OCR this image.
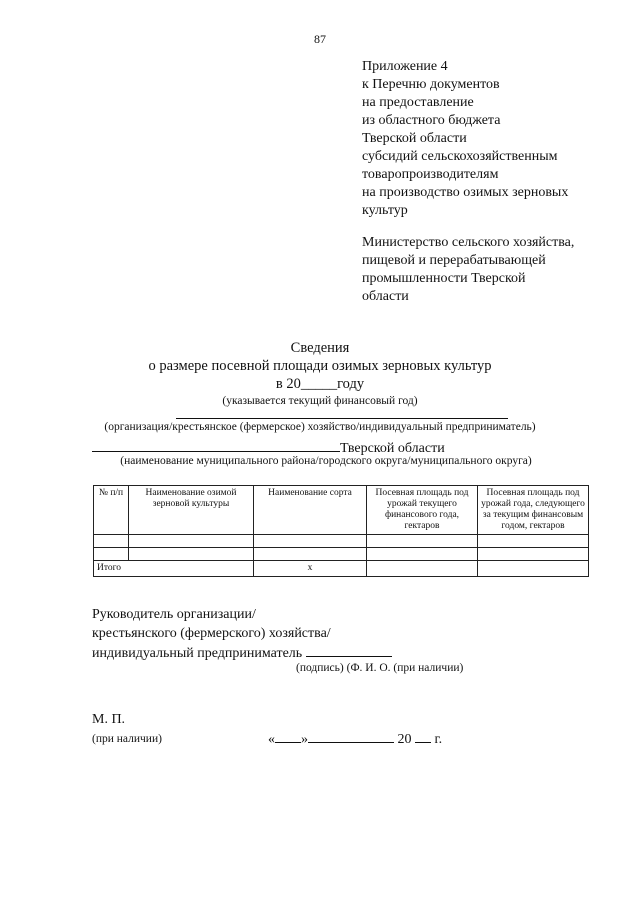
87
Приложение 4
к Перечню документов
на предоставление
из областного бюджета
Тверской области
субсидий сельскохозяйственным
товаропроизводителям
на производство озимых зерновых
культур
Министерство сельского хозяйства,
пищевой и перерабатывающей
промышленности Тверской
области
Сведения
о размере посевной площади озимых зерновых культур
в 20_____году
(указывается текущий финансовый год)
(организация/крестьянское (фермерское) хозяйство/индивидуальный предприниматель)
Тверской области
(наименование муниципального района/городского округа/муниципального округа)
№ п/п	Наименование озимой зерновой культуры	Наименование сорта	Посевная площадь под урожай текущего финансового года, гектаров	Посевная площадь под урожай года, следующего за текущим финансовым годом, гектаров

Итого		х		
Руководитель организации/
крестьянского (фермерского) хозяйства/
индивидуальный предприниматель
(подпись) (Ф. И. О. (при наличии)
М. П.
(при наличии)	« »	20 г.
